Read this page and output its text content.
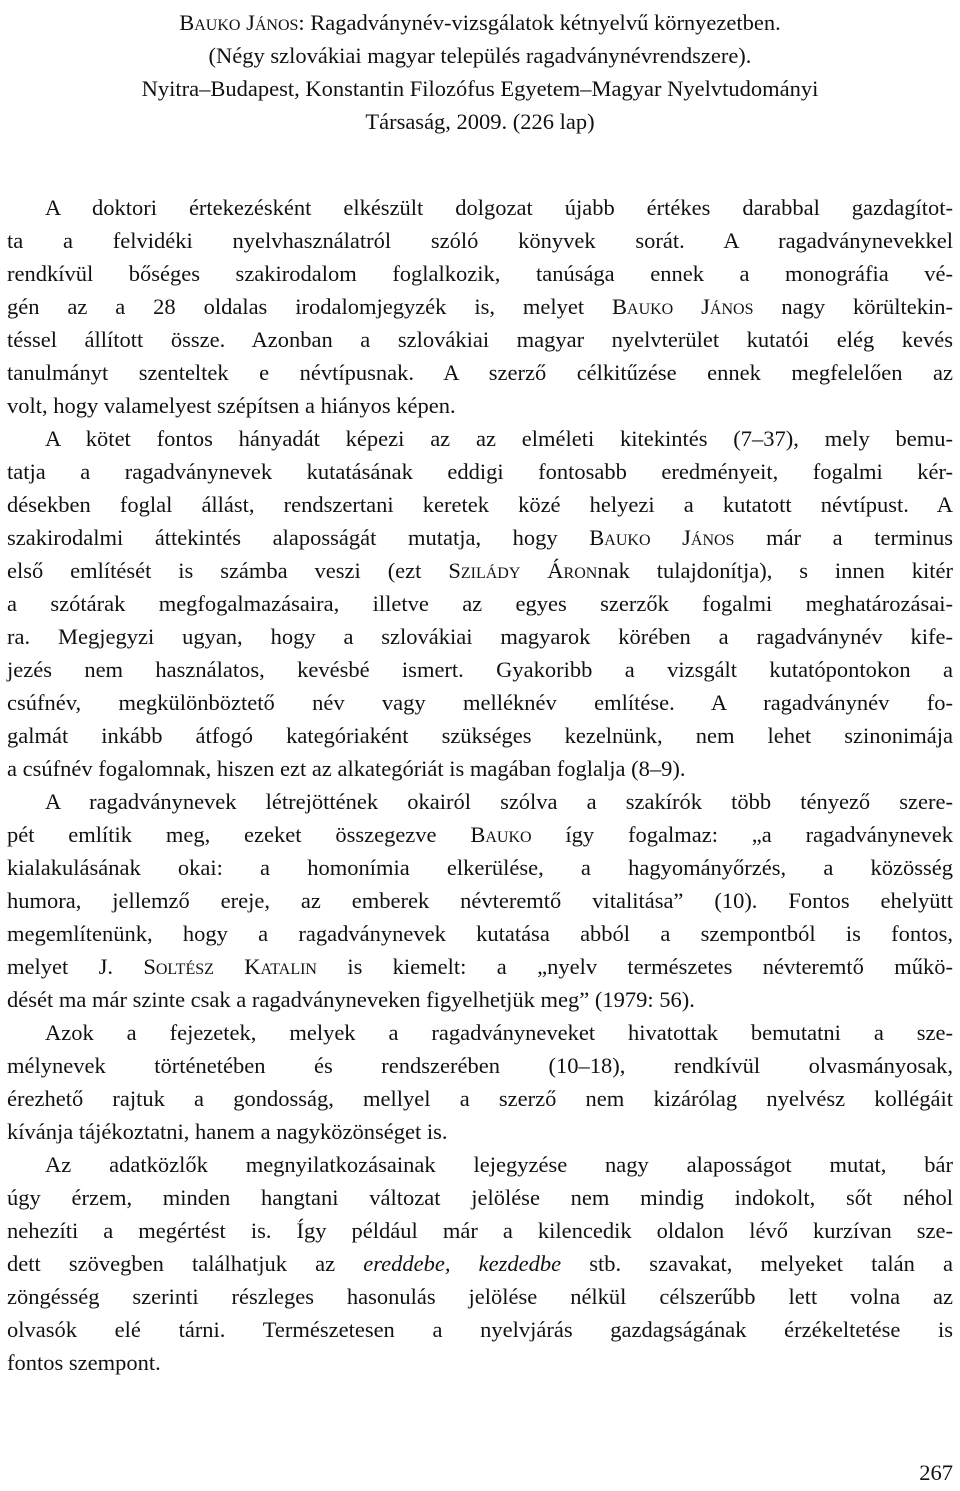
Bauko János: Ragadványnév-vizsgálatok kétnyelvű környezetben.
(Négy szlovákiai magyar település ragadványnévrendszere).
Nyitra–Budapest, Konstantin Filozófus Egyetem–Magyar Nyelvtudományi
Társaság, 2009. (226 lap)
A doktori értekezésként elkészült dolgozat újabb értékes darabbal gazdagítot-
ta a felvidéki nyelvhasználatról szóló könyvek sorát. A ragadványnevekkel
rendkívül bőséges szakirodalom foglalkozik, tanúsága ennek a monográfia vé-
gén az a 28 oldalas irodalomjegyzék is, melyet Bauko János nagy körültekin-
téssel állított össze. Azonban a szlovákiai magyar nyelvterület kutatói elég kevés
tanulmányt szenteltek e névtípusnak. A szerző célkitűzése ennek megfelelően az
volt, hogy valamelyest szépítsen a hiányos képen.
A kötet fontos hányadát képezi az az elméleti kitekintés (7–37), mely bemu-
tatja a ragadványnevek kutatásának eddigi fontosabb eredményeit, fogalmi kér-
désekben foglal állást, rendszertani keretek közé helyezi a kutatott névtípust. A
szakirodalmi áttekintés alaposságát mutatja, hogy Bauko János már a terminus
első említését is számba veszi (ezt Szilády Áronnak tulajdonítja), s innen kitér
a szótárak megfogalmazásaira, illetve az egyes szerzők fogalmi meghatározásai-
ra. Megjegyzi ugyan, hogy a szlovákiai magyarok körében a ragadványnév kife-
jezés nem használatos, kevésbé ismert. Gyakoribb a vizsgált kutatópontokon a
csúfnév, megkülönböztető név vagy melléknév említése. A ragadványnév fo-
galmát inkább átfogó kategóriaként szükséges kezelnünk, nem lehet szinonimája
a csúfnév fogalomnak, hiszen ezt az alkategóriát is magában foglalja (8–9).
A ragadványnevek létrejöttének okairól szólva a szakírók több tényező szere-
pét említik meg, ezeket összegezve Bauko így fogalmaz: „a ragadványnevek
kialakulásának okai: a homonímia elkerülése, a hagyományőrzés, a közösség
humora, jellemző ereje, az emberek névteremtő vitalitása” (10). Fontos ehelyütt
megemlítenünk, hogy a ragadványnevek kutatása abból a szempontból is fontos,
melyet J. Soltész Katalin is kiemelt: a „nyelv természetes névteremtő műkö-
dését ma már szinte csak a ragadványneveken figyelhetjük meg” (1979: 56).
Azok a fejezetek, melyek a ragadványneveket hivatottak bemutatni a sze-
mélynevek történetében és rendszerében (10–18), rendkívül olvasmányosak,
érezhető rajtuk a gondosság, mellyel a szerző nem kizárólag nyelvész kollégáit
kívánja tájékoztatni, hanem a nagyközönséget is.
Az adatközlők megnyilatkozásainak lejegyzése nagy alaposságot mutat, bár
úgy érzem, minden hangtani változat jelölése nem mindig indokolt, sőt néhol
nehezíti a megértést is. Így például már a kilencedik oldalon lévő kurzívan sze-
dett szövegben találhatjuk az ereddebe, kezdedbe stb. szavakat, melyeket talán a
zöngésség szerinti részleges hasonulás jelölése nélkül célszerűbb lett volna az
olvasók elé tárni. Természetesen a nyelvjárás gazdagságának érzékeltetése is
fontos szempont.
267
